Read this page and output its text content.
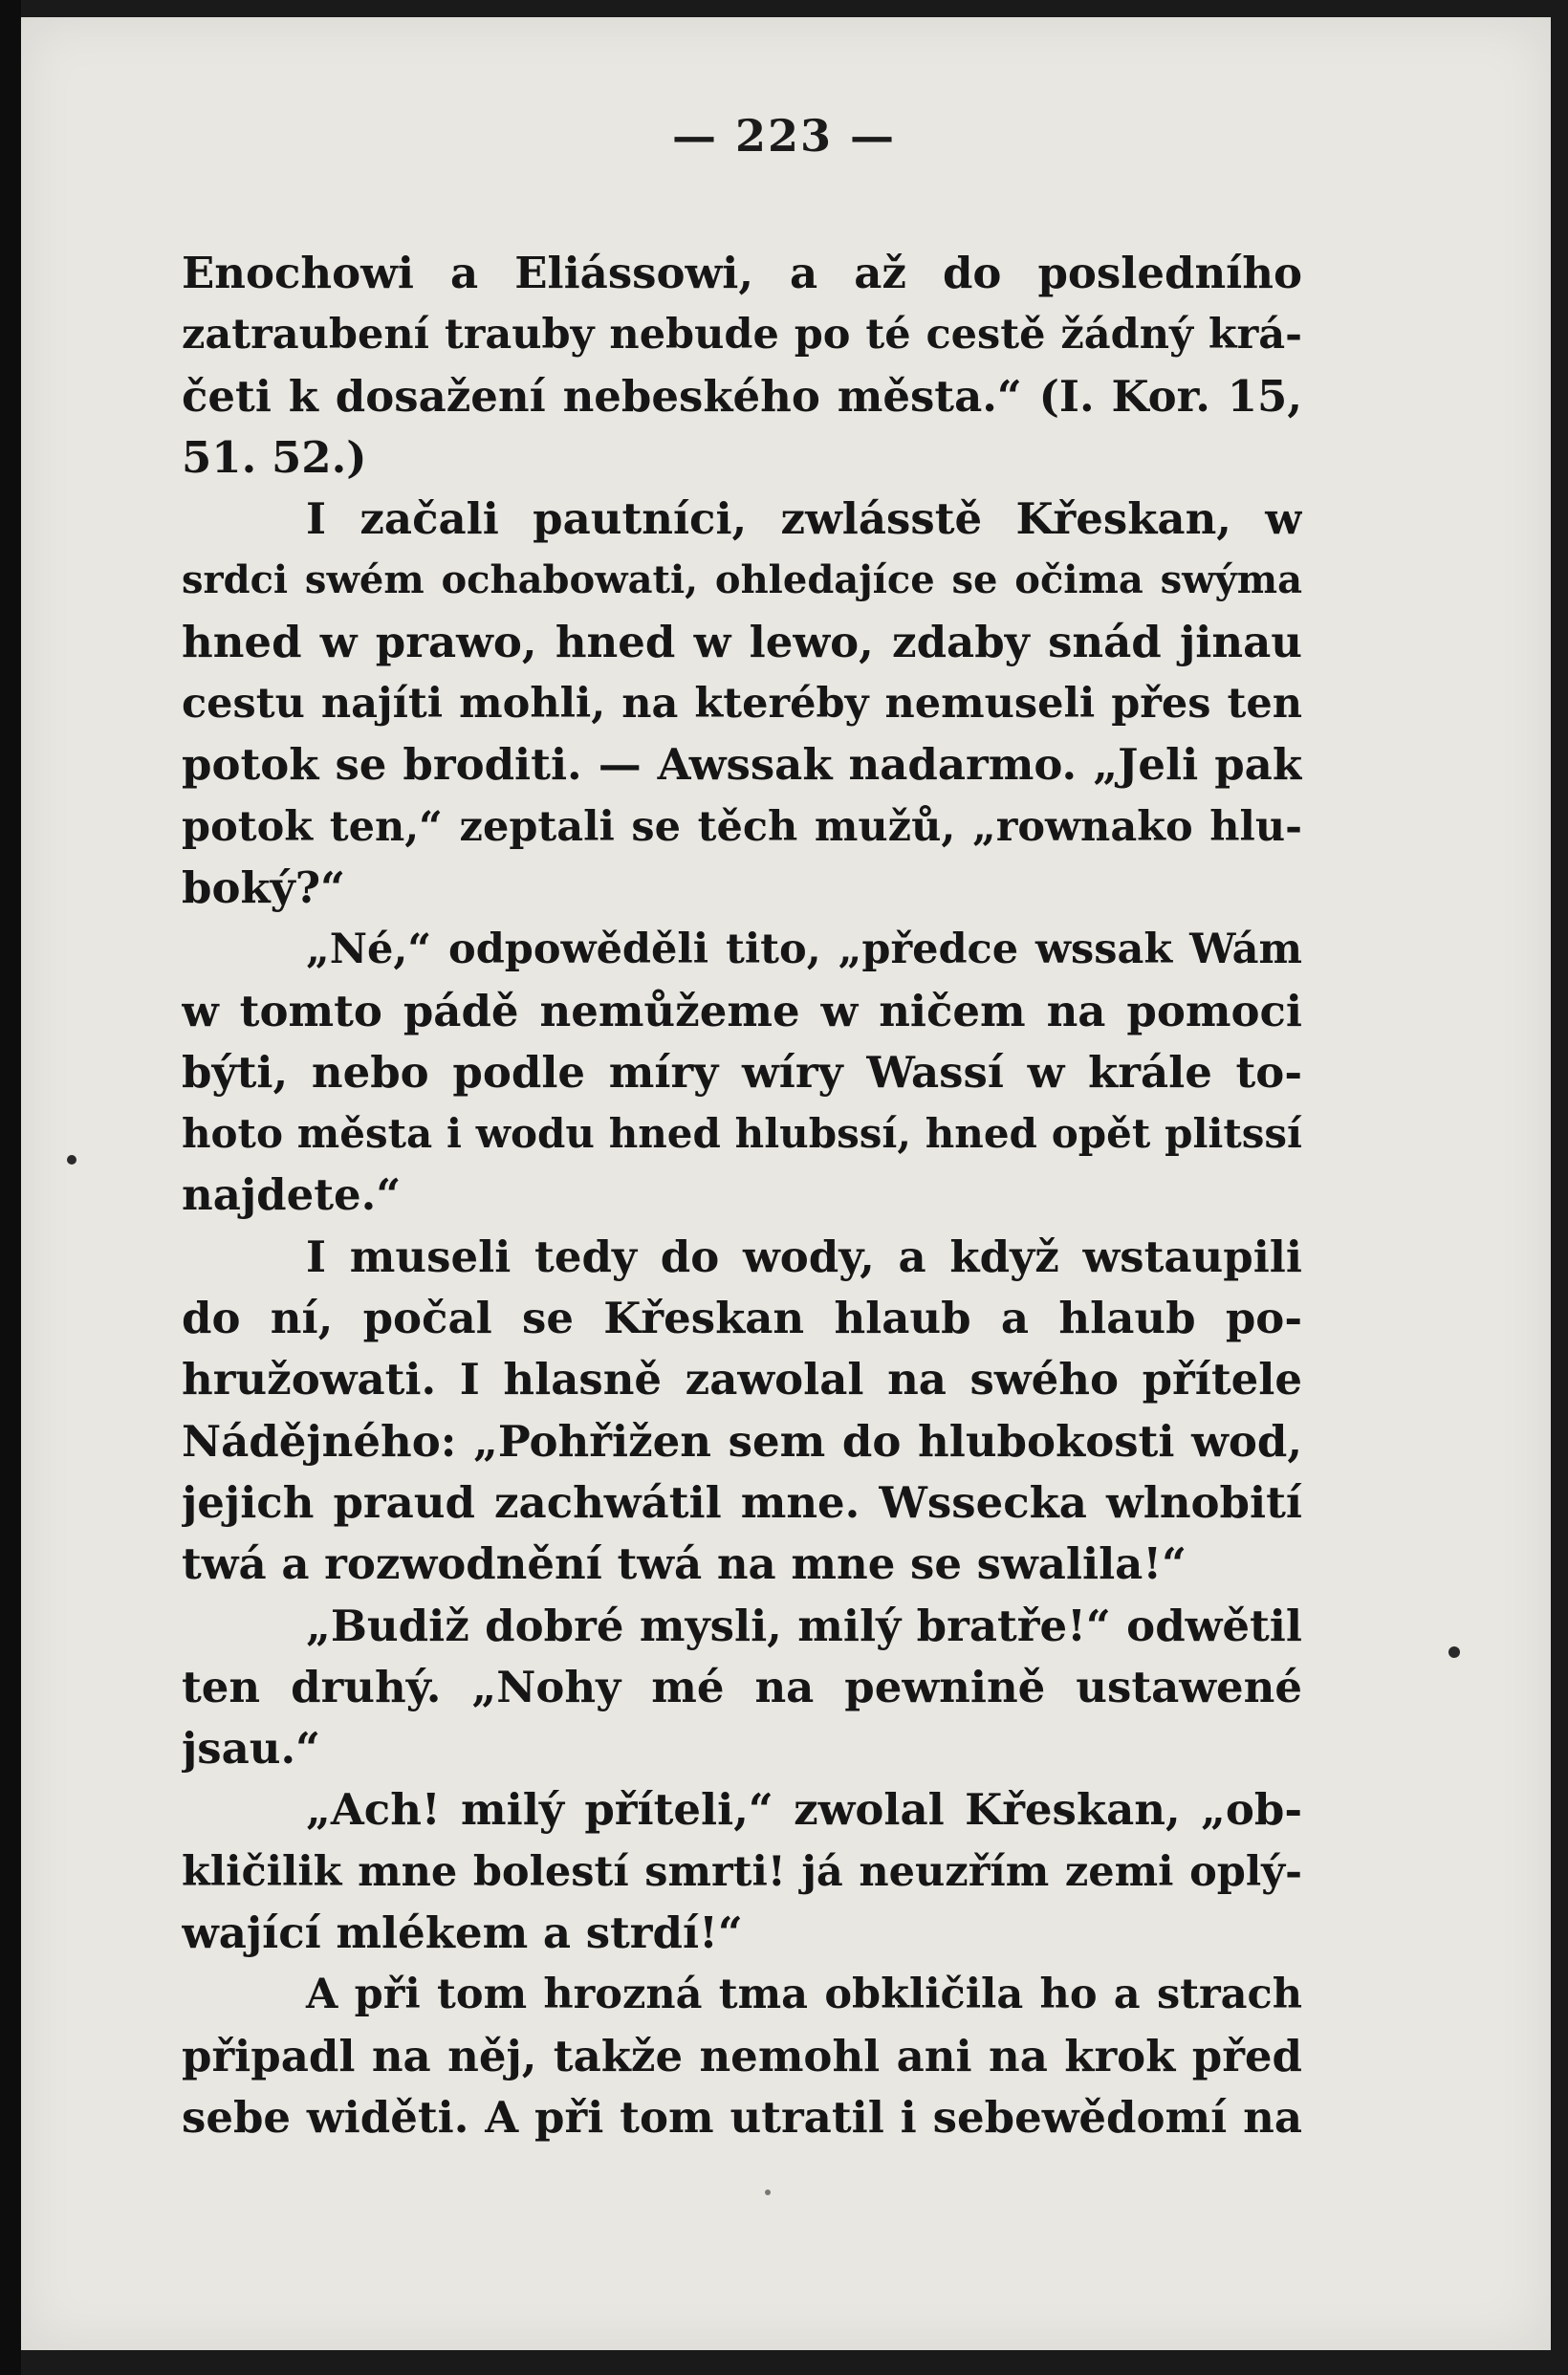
— 223 —
Enochowi a Eliássowi, a až do posledního
zatraubení trauby nebude po té cestě žádný krá-
četi k dosažení nebeského města.“ (I. Kor. 15,
51. 52.)
I začali pautníci, zwlásstě Křeskan, w
srdci swém ochabowati, ohledajíce se očima swýma
hned w prawo, hned w lewo, zdaby snád jinau
cestu najíti mohli, na kteréby nemuseli přes ten
potok se broditi. — Awssak nadarmo. „Jeli pak
potok ten,“ zeptali se těch mužů, „rownako hlu-
boký?“
„Né,“ odpowěděli tito, „předce wssak Wám
w tomto pádě nemůžeme w ničem na pomoci
býti, nebo podle míry wíry Wassí w krále to-
hoto města i wodu hned hlubssí, hned opět plitssí
najdete.“
I museli tedy do wody, a když wstaupili
do ní, počal se Křeskan hlaub a hlaub po-
hružowati. I hlasně zawolal na swého přítele
Nádějného: „Pohřižen sem do hlubokosti wod,
jejich praud zachwátil mne. Wssecka wlnobití
twá a rozwodnění twá na mne se swalila!“
„Budiž dobré mysli, milý bratře!“ odwětil
ten druhý. „Nohy mé na pewnině ustawené
jsau.“
„Ach! milý příteli,“ zwolal Křeskan, „ob-
kličilik mne bolestí smrti! já neuzřím zemi oplý-
wající mlékem a strdí!“
A při tom hrozná tma obkličila ho a strach
připadl na něj, takže nemohl ani na krok před
sebe widěti. A při tom utratil i sebewědomí na
